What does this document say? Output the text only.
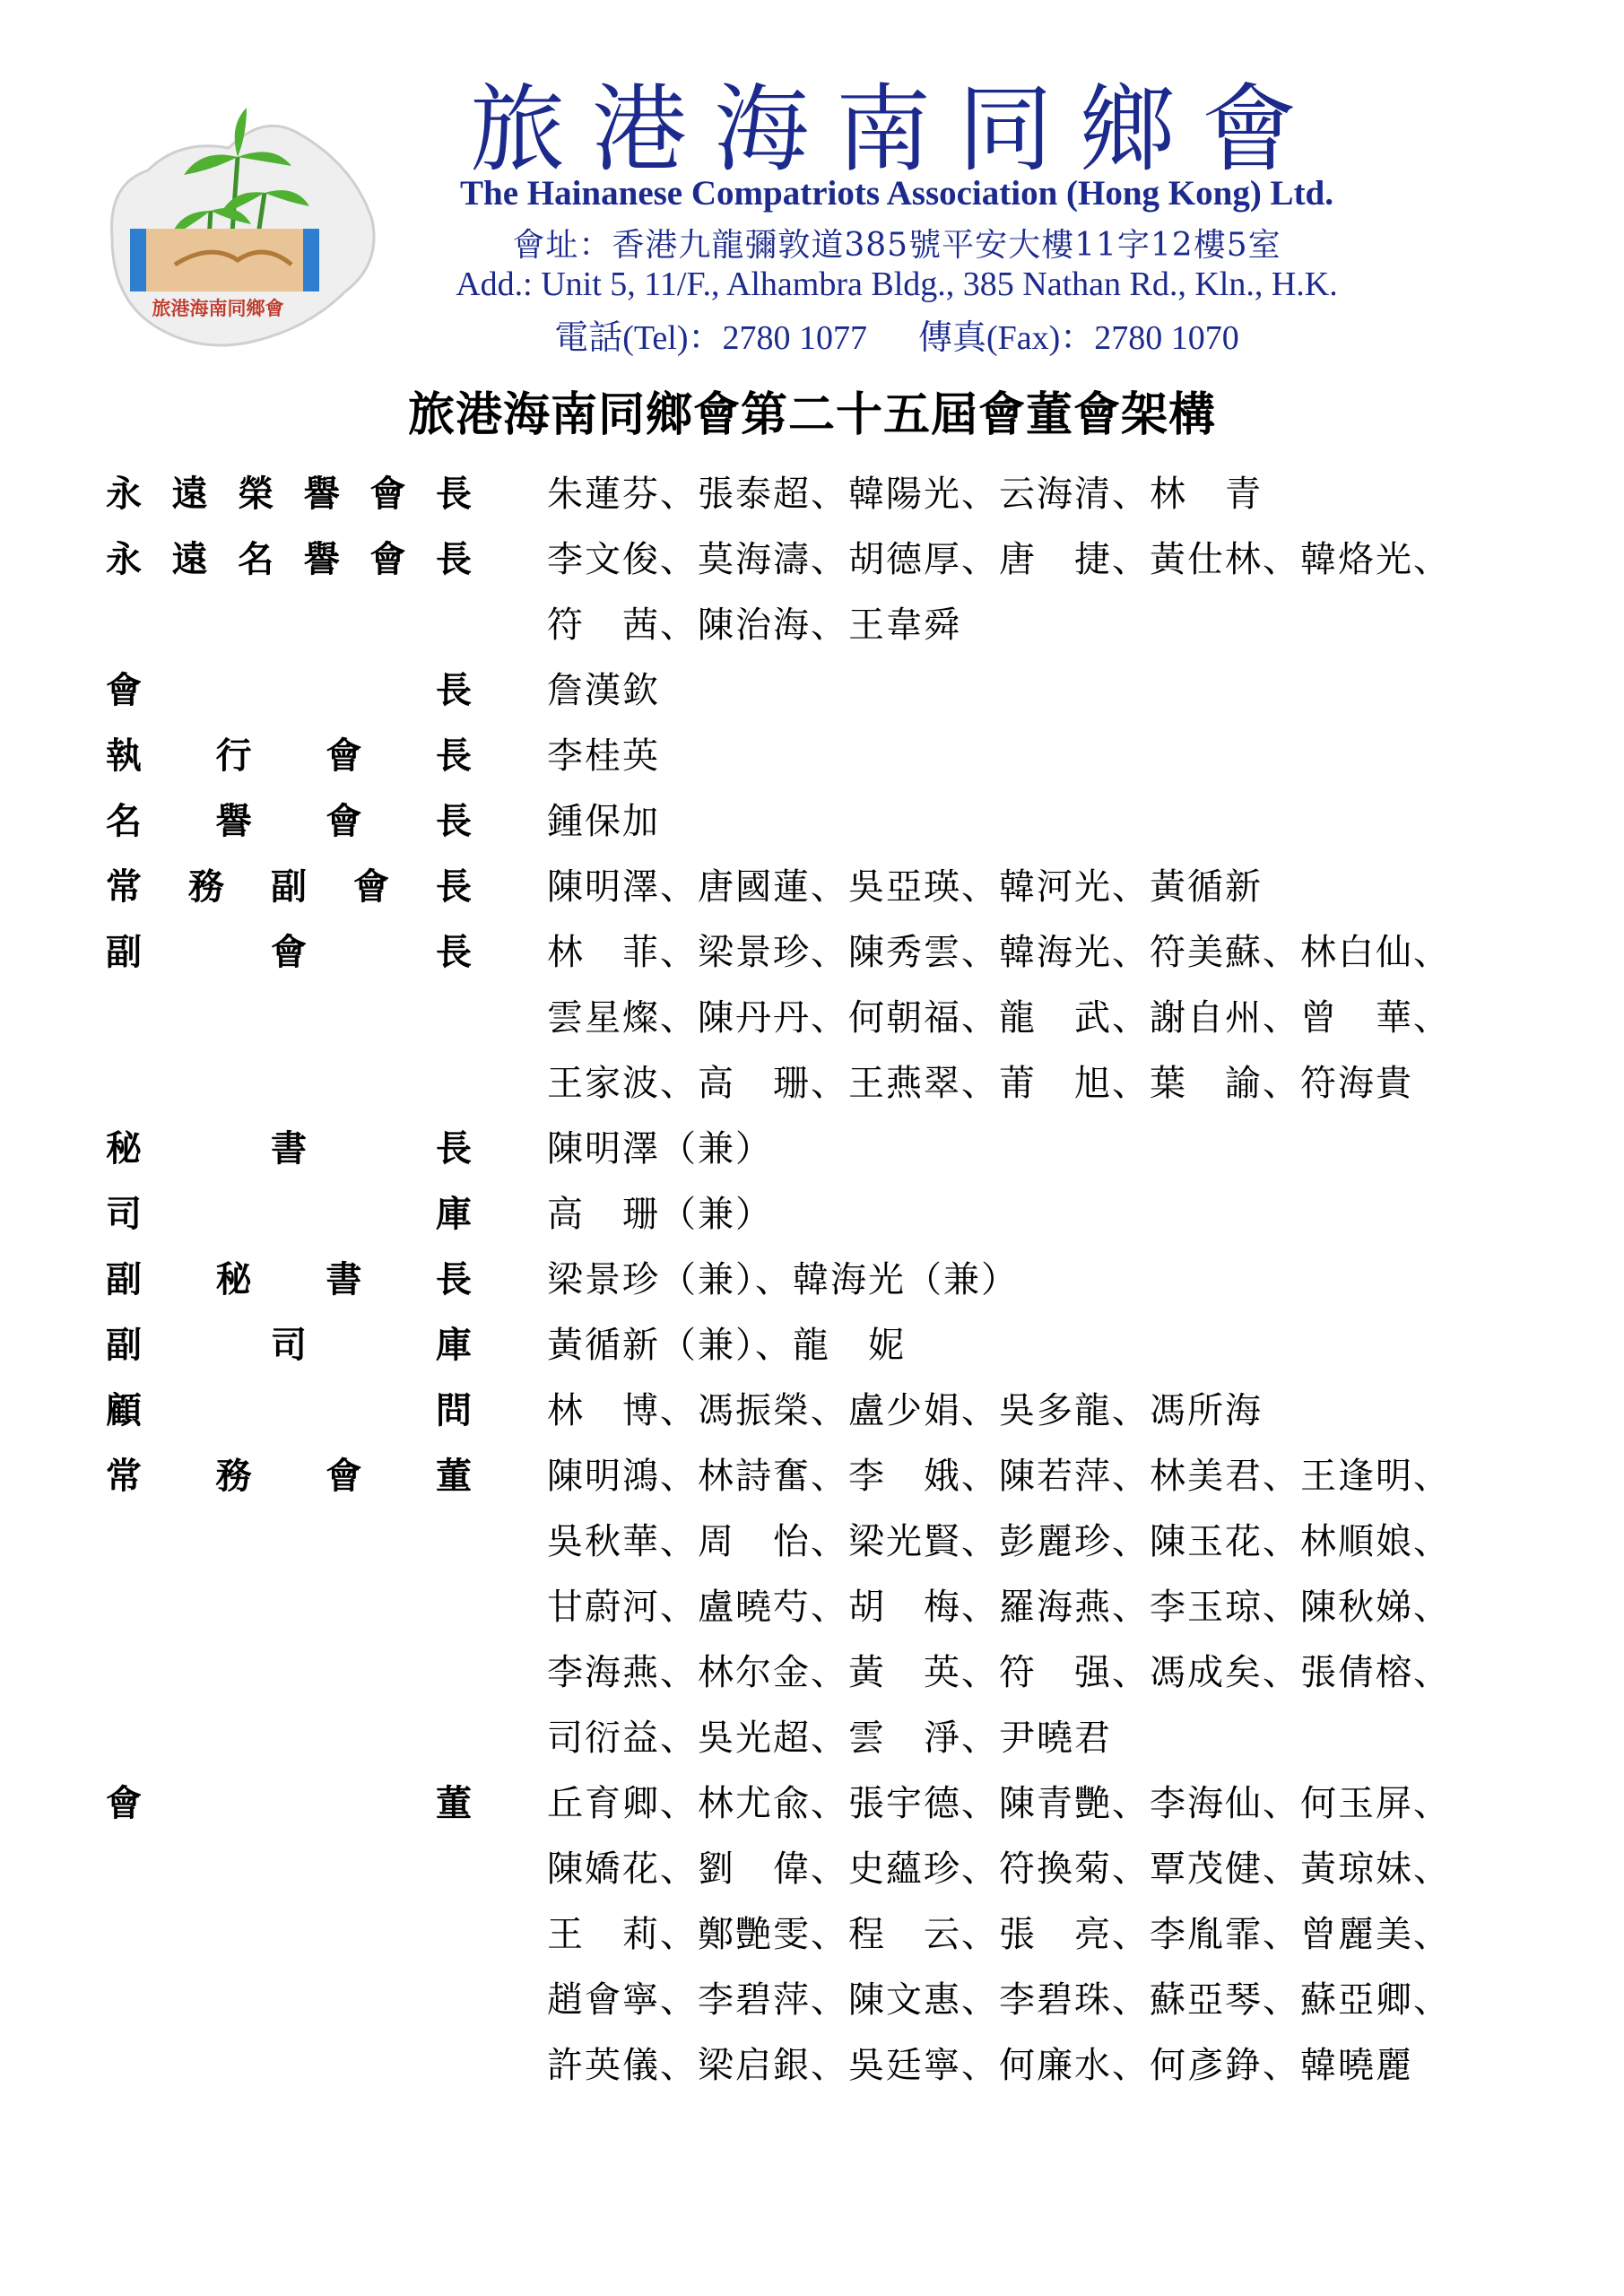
旅港海南同鄉會
旅港海南同鄉會
The Hainanese Compatriots Association (Hong Kong) Ltd.
會址：香港九龍彌敦道385號平安大樓11字12樓5室
Add.: Unit 5, 11/F., Alhambra Bldg., 385 Nathan Rd., Kln., H.K.
電話(Tel)：2780 1077      傳真(Fax)：2780 1070
旅港海南同鄉會第二十五屆會董會架構
永 遠 榮 譽 會 長 朱蓮芬、張泰超、韓陽光、云海清、林　青
永 遠 名 譽 會 長 李文俊、莫海濤、胡德厚、唐　捷、黃仕林、韓烙光、
符　茜、陳治海、王韋舜
會	長 詹漢欽
執 行 會 長 李桂英
名 譽 會 長 鍾保加
常 務 副 會 長 陳明澤、唐國蓮、吳亞瑛、韓河光、黃循新
副	會	長 林　菲、梁景珍、陳秀雲、韓海光、符美蘇、林白仙、
雲星燦、陳丹丹、何朝福、龍　武、謝自州、曾　華、
王家波、高　珊、王燕翠、莆　旭、葉　諭、符海貴
秘	書	長 陳明澤（兼）
司	庫 高　珊（兼）
副 秘 書 長 梁景珍（兼）、韓海光（兼）
副	司	庫 黃循新（兼）、龍　妮
顧	問 林　博、馮振榮、盧少娟、吳多龍、馮所海
常 務 會 董 陳明鴻、林詩奮、李　娥、陳若萍、林美君、王逢明、
吳秋華、周　怡、梁光賢、彭麗珍、陳玉花、林順娘、
甘蔚河、盧曉芍、胡　梅、羅海燕、李玉琼、陳秋娣、
李海燕、林尔金、黃　英、符　强、馮成矣、張倩榕、
司衍益、吳光超、雲　淨、尹曉君
會	董 丘育卿、林尤兪、張宇德、陳青艷、李海仙、何玉屏、
陳嬌花、劉　偉、史蘊珍、符換菊、覃茂健、黃琼妹、
王　莉、鄭艷雯、程　云、張　亮、李胤霏、曾麗美、
趙會寧、李碧萍、陳文惠、李碧珠、蘇亞琴、蘇亞卿、
許英儀、梁启銀、吳廷寧、何廉水、何彥錚、韓曉麗
